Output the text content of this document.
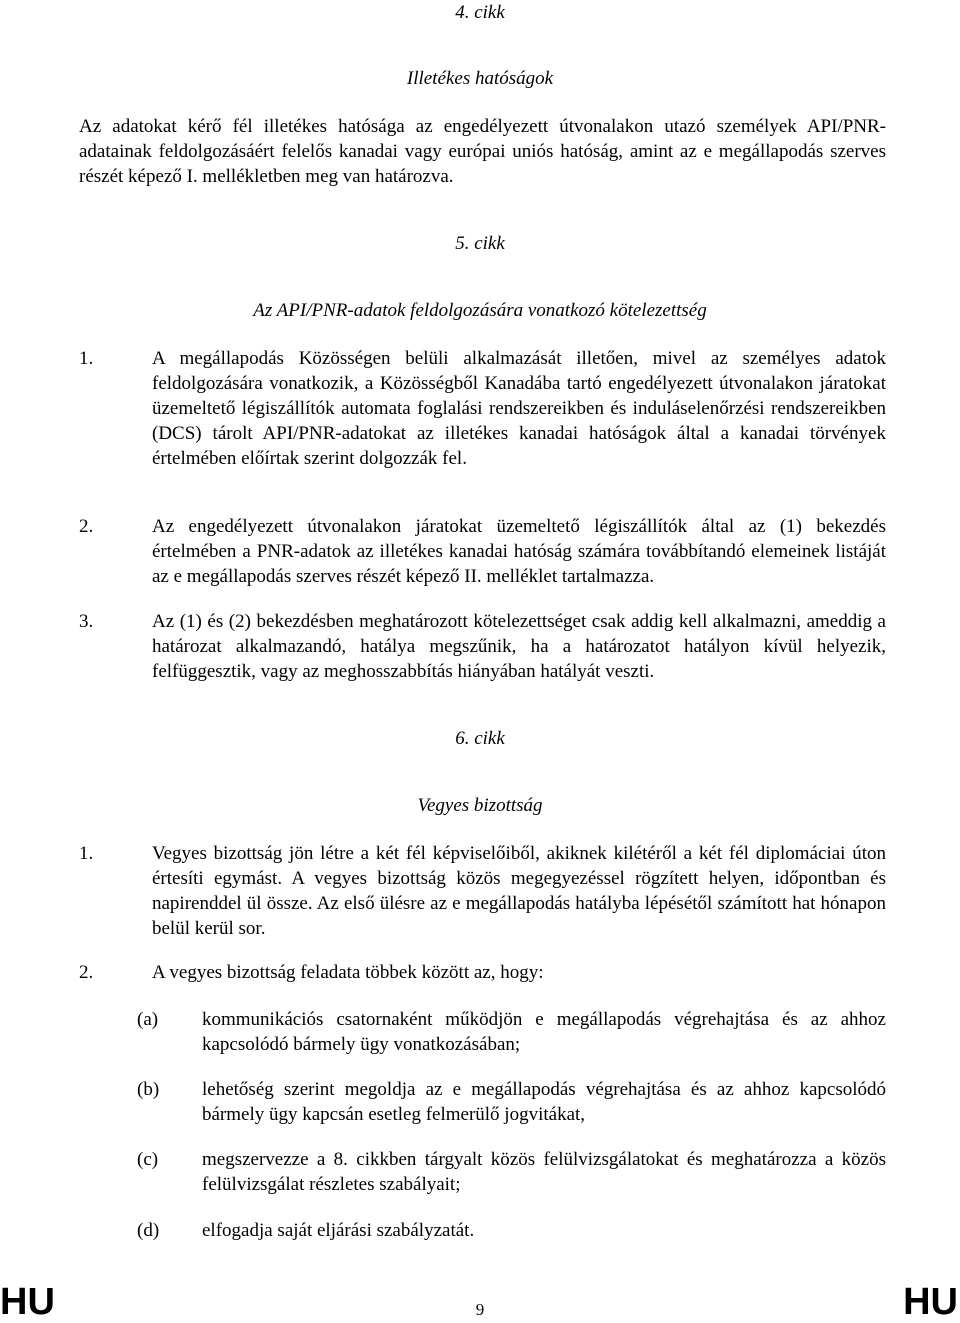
4. cikk
Illetékes hatóságok
Az adatokat kérő fél illetékes hatósága az engedélyezett útvonalakon utazó személyek API/PNR-adatainak feldolgozásáért felelős kanadai vagy európai uniós hatóság, amint az e megállapodás szerves részét képező I. mellékletben meg van határozva.
5. cikk
Az API/PNR-adatok feldolgozására vonatkozó kötelezettség
1.	A megállapodás Közösségen belüli alkalmazását illetően, mivel az személyes adatok feldolgozására vonatkozik, a Közösségből Kanadába tartó engedélyezett útvonalakon járatokat üzemeltető légiszállítók automata foglalási rendszereikben és induláselenőrzési rendszereikben (DCS) tárolt API/PNR-adatokat az illetékes kanadai hatóságok által a kanadai törvények értelmében előírtak szerint dolgozzák fel.
2.	Az engedélyezett útvonalakon járatokat üzemeltető légiszállítók által az (1) bekezdés értelmében a PNR-adatok az illetékes kanadai hatóság számára továbbítandó elemeinek listáját az e megállapodás szerves részét képező II. melléklet tartalmazza.
3.	Az (1) és (2) bekezdésben meghatározott kötelezettséget csak addig kell alkalmazni, ameddig a határozat alkalmazandó, hatálya megszűnik, ha a határozatot hatályon kívül helyezik, felfüggesztik, vagy az meghosszabbítás hiányában hatályát veszti.
6. cikk
Vegyes bizottság
1.	Vegyes bizottság jön létre a két fél képviselőiből, akiknek kilétéről a két fél diplomáciai úton értesíti egymást. A vegyes bizottság közös megegyezéssel rögzített helyen, időpontban és napirenddel ül össze. Az első ülésre az e megállapodás hatályba lépésétől számított hat hónapon belül kerül sor.
2.	A vegyes bizottság feladata többek között az, hogy:
(a) kommunikációs csatornaként működjön e megállapodás végrehajtása és az ahhoz kapcsolódó bármely ügy vonatkozásában;
(b) lehetőség szerint megoldja az e megállapodás végrehajtása és az ahhoz kapcsolódó bármely ügy kapcsán esetleg felmerülő jogvitákat,
(c) megszervezze a 8. cikkben tárgyalt közös felülvizsgálatokat és meghatározza a közös felülvizsgálat részletes szabályait;
(d) elfogadja saját eljárási szabályzatát.
HU	9	HU
